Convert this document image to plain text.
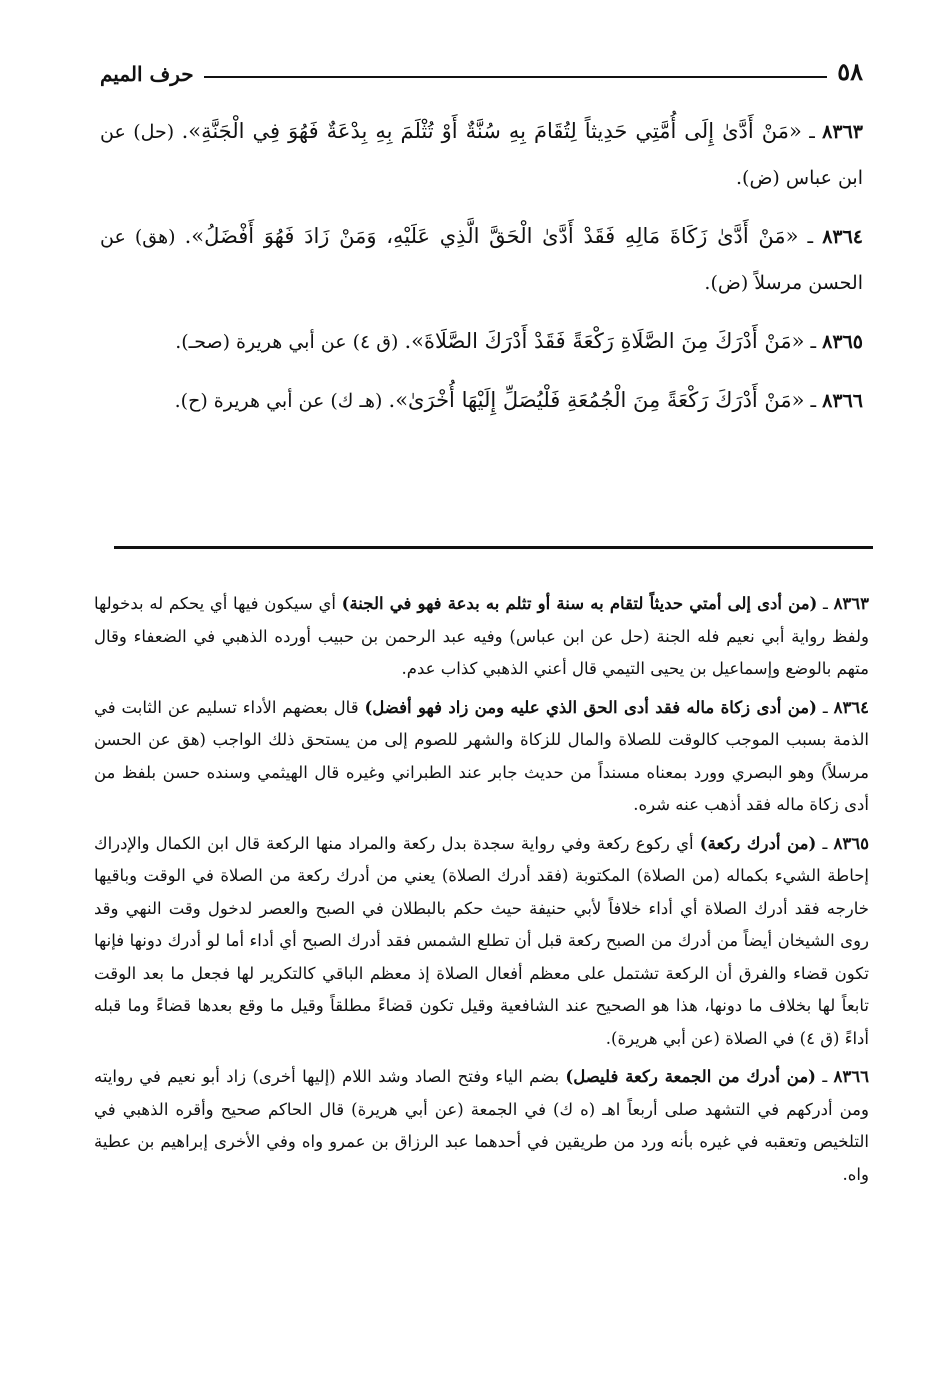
٥٨
حرف الميم

٨٣٦٣ ـ «مَنْ أَدَّىٰ إِلَى أُمَّتِي حَدِيثاً لِتُقَامَ بِهِ سُنَّةٌ أَوْ تُثْلَمَ بِهِ بِدْعَةٌ فَهُوَ فِي الْجَنَّةِ». (حل) عن ابن عباس (ض).

٨٣٦٤ ـ «مَنْ أَدَّىٰ زَكَاةَ مَالِهِ فَقَدْ أَدَّىٰ الْحَقَّ الَّذِي عَلَيْهِ، وَمَنْ زَادَ فَهُوَ أَفْضَلُ». (هق) عن الحسن مرسلاً (ض).

٨٣٦٥ ـ «مَنْ أَدْرَكَ مِنَ الصَّلَاةِ رَكْعَةً فَقَدْ أَدْرَكَ الصَّلَاةَ». (ق ٤) عن أبي هريرة (صحـ).

٨٣٦٦ ـ «مَنْ أَدْرَكَ رَكْعَةً مِنَ الْجُمُعَةِ فَلْيُصَلِّ إِلَيْهَا أُخْرَىٰ». (هـ ك) عن أبي هريرة (ح).

٨٣٦٣ ـ (من أدى إلى أمتي حديثاً لتقام به سنة أو تثلم به بدعة فهو في الجنة) أي سيكون فيها أي يحكم له بدخولها ولفظ رواية أبي نعيم فله الجنة (حل عن ابن عباس) وفيه عبد الرحمن بن حبيب أورده الذهبي في الضعفاء وقال متهم بالوضع وإسماعيل بن يحيى التيمي قال أعني الذهبي كذاب عدم.

٨٣٦٤ ـ (من أدى زكاة ماله فقد أدى الحق الذي عليه ومن زاد فهو أفضل) قال بعضهم الأداء تسليم عن الثابت في الذمة بسبب الموجب كالوقت للصلاة والمال للزكاة والشهر للصوم إلى من يستحق ذلك الواجب (هق عن الحسن مرسلاً) وهو البصري وورد بمعناه مسنداً من حديث جابر عند الطبراني وغيره قال الهيثمي وسنده حسن بلفظ من أدى زكاة ماله فقد أذهب عنه شره.

٨٣٦٥ ـ (من أدرك ركعة) أي ركوع ركعة وفي رواية سجدة بدل ركعة والمراد منها الركعة قال ابن الكمال والإدراك إحاطة الشيء بكماله (من الصلاة) المكتوبة (فقد أدرك الصلاة) يعني من أدرك ركعة من الصلاة في الوقت وباقيها خارجه فقد أدرك الصلاة أي أداء خلافاً لأبي حنيفة حيث حكم بالبطلان في الصبح والعصر لدخول وقت النهي وقد روى الشيخان أيضاً من أدرك من الصبح ركعة قبل أن تطلع الشمس فقد أدرك الصبح أي أداء أما لو أدرك دونها فإنها تكون قضاء والفرق أن الركعة تشتمل على معظم أفعال الصلاة إذ معظم الباقي كالتكرير لها فجعل ما بعد الوقت تابعاً لها بخلاف ما دونها، هذا هو الصحيح عند الشافعية وقيل تكون قضاءً مطلقاً وقيل ما وقع بعدها قضاءً وما قبله أداءً (ق ٤) في الصلاة (عن أبي هريرة).

٨٣٦٦ ـ (من أدرك من الجمعة ركعة فليصل) بضم الياء وفتح الصاد وشد اللام (إليها أخرى) زاد أبو نعيم في روايته ومن أدركهم في التشهد صلى أربعاً اهـ (ه ك) في الجمعة (عن أبي هريرة) قال الحاكم صحيح وأقره الذهبي في التلخيص وتعقبه في غيره بأنه ورد من طريقين في أحدهما عبد الرزاق بن عمرو واه وفي الأخرى إبراهيم بن عطية واه.
